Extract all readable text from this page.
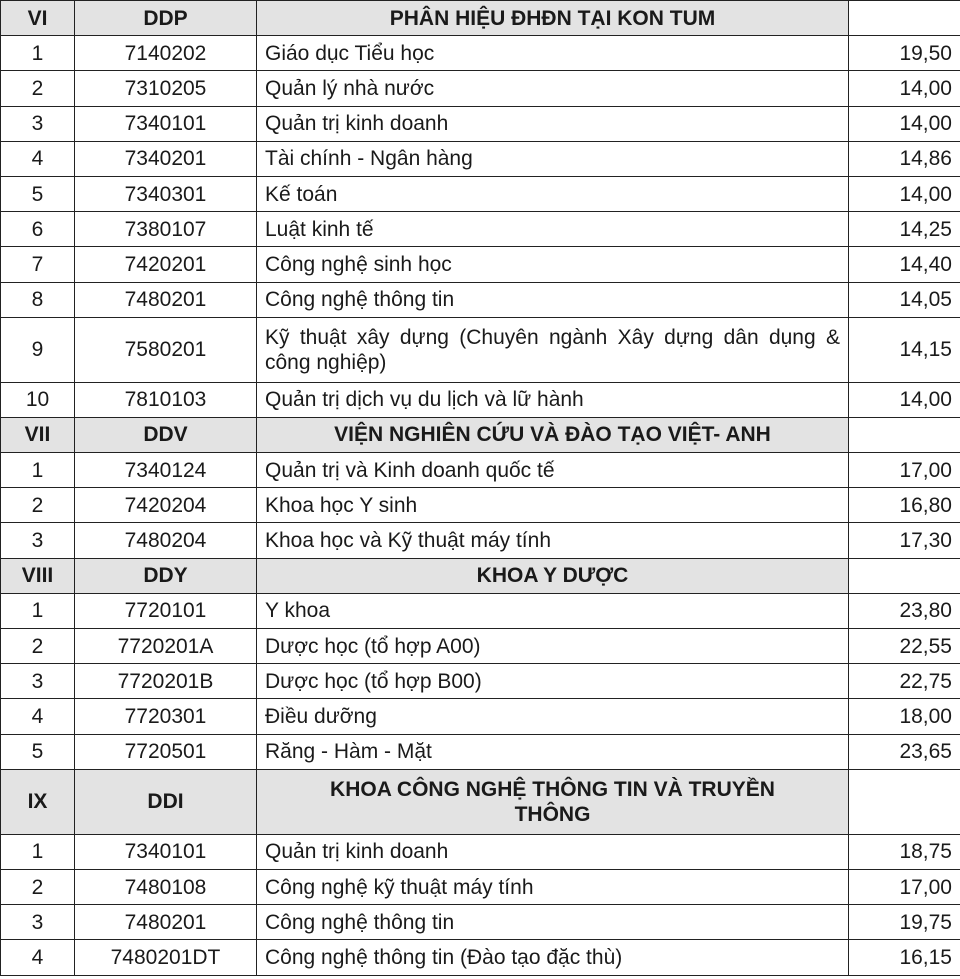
VI	DDP	PHÂN HIỆU ĐHĐN TẠI KON TUM	
1	7140202	Giáo dục Tiểu học	19,50
2	7310205	Quản lý nhà nước	14,00
3	7340101	Quản trị kinh doanh	14,00
4	7340201	Tài chính - Ngân hàng	14,86
5	7340301	Kế toán	14,00
6	7380107	Luật kinh tế	14,25
7	7420201	Công nghệ sinh học	14,40
8	7480201	Công nghệ thông tin	14,05
9	7580201	Kỹ thuật xây dựng (Chuyên ngành Xây dựng dân dụng & công nghiệp)	14,15
10	7810103	Quản trị dịch vụ du lịch và lữ hành	14,00
VII	DDV	VIỆN NGHIÊN CỨU VÀ ĐÀO TẠO VIỆT- ANH	
1	7340124	Quản trị và Kinh doanh quốc tế	17,00
2	7420204	Khoa học Y sinh	16,80
3	7480204	Khoa học và Kỹ thuật máy tính	17,30
VIII	DDY	KHOA Y DƯỢC	
1	7720101	Y khoa	23,80
2	7720201A	Dược học (tổ hợp A00)	22,55
3	7720201B	Dược học (tổ hợp B00)	22,75
4	7720301	Điều dưỡng	18,00
5	7720501	Răng - Hàm - Mặt	23,65
IX	DDI	KHOA CÔNG NGHỆ THÔNG TIN VÀ TRUYỀN THÔNG	
1	7340101	Quản trị kinh doanh	18,75
2	7480108	Công nghệ kỹ thuật máy tính	17,00
3	7480201	Công nghệ thông tin	19,75
4	7480201DT	Công nghệ thông tin (Đào tạo đặc thù)	16,15
